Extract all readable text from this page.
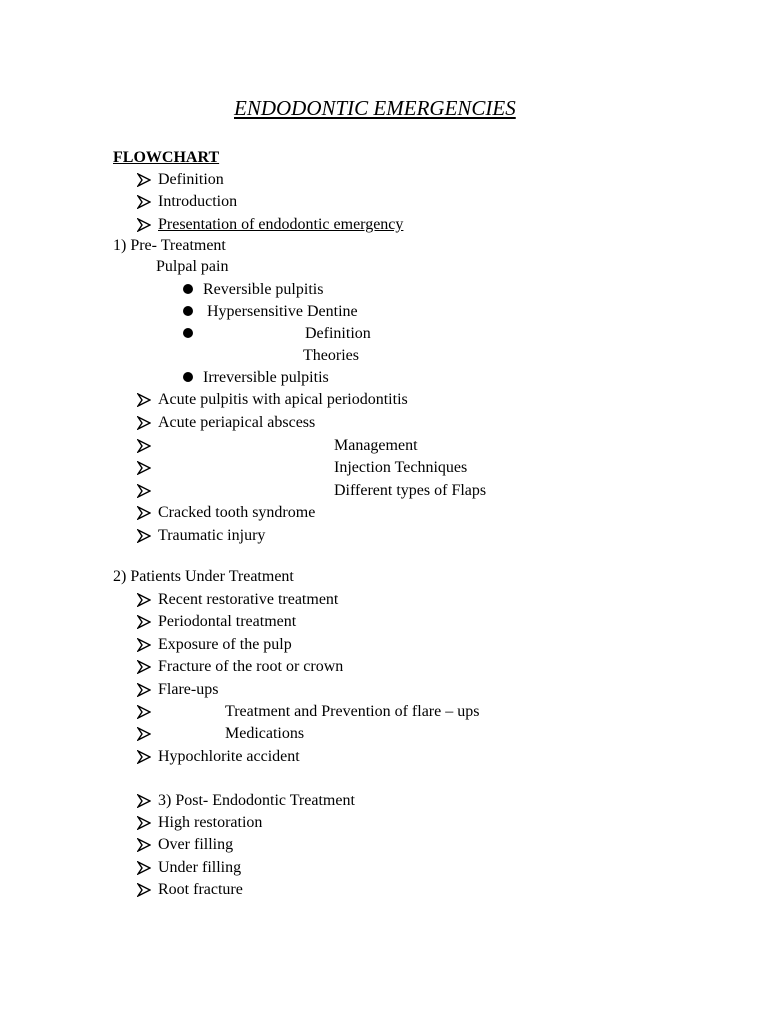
ENDODONTIC EMERGENCIES
FLOWCHART
Definition
Introduction
Presentation of endodontic emergency
1) Pre- Treatment
Pulpal pain
Reversible pulpitis
Hypersensitive Dentine
Definition
Theories
Irreversible pulpitis
Acute pulpitis with apical periodontitis
Acute periapical abscess
Management
Injection Techniques
Different types of Flaps
Cracked tooth syndrome
Traumatic injury
2) Patients Under Treatment
Recent restorative treatment
Periodontal treatment
Exposure of the pulp
Fracture of the root or crown
Flare-ups
Treatment and Prevention of flare – ups
Medications
Hypochlorite accident
3) Post- Endodontic Treatment
High restoration
Over filling
Under filling
Root fracture
